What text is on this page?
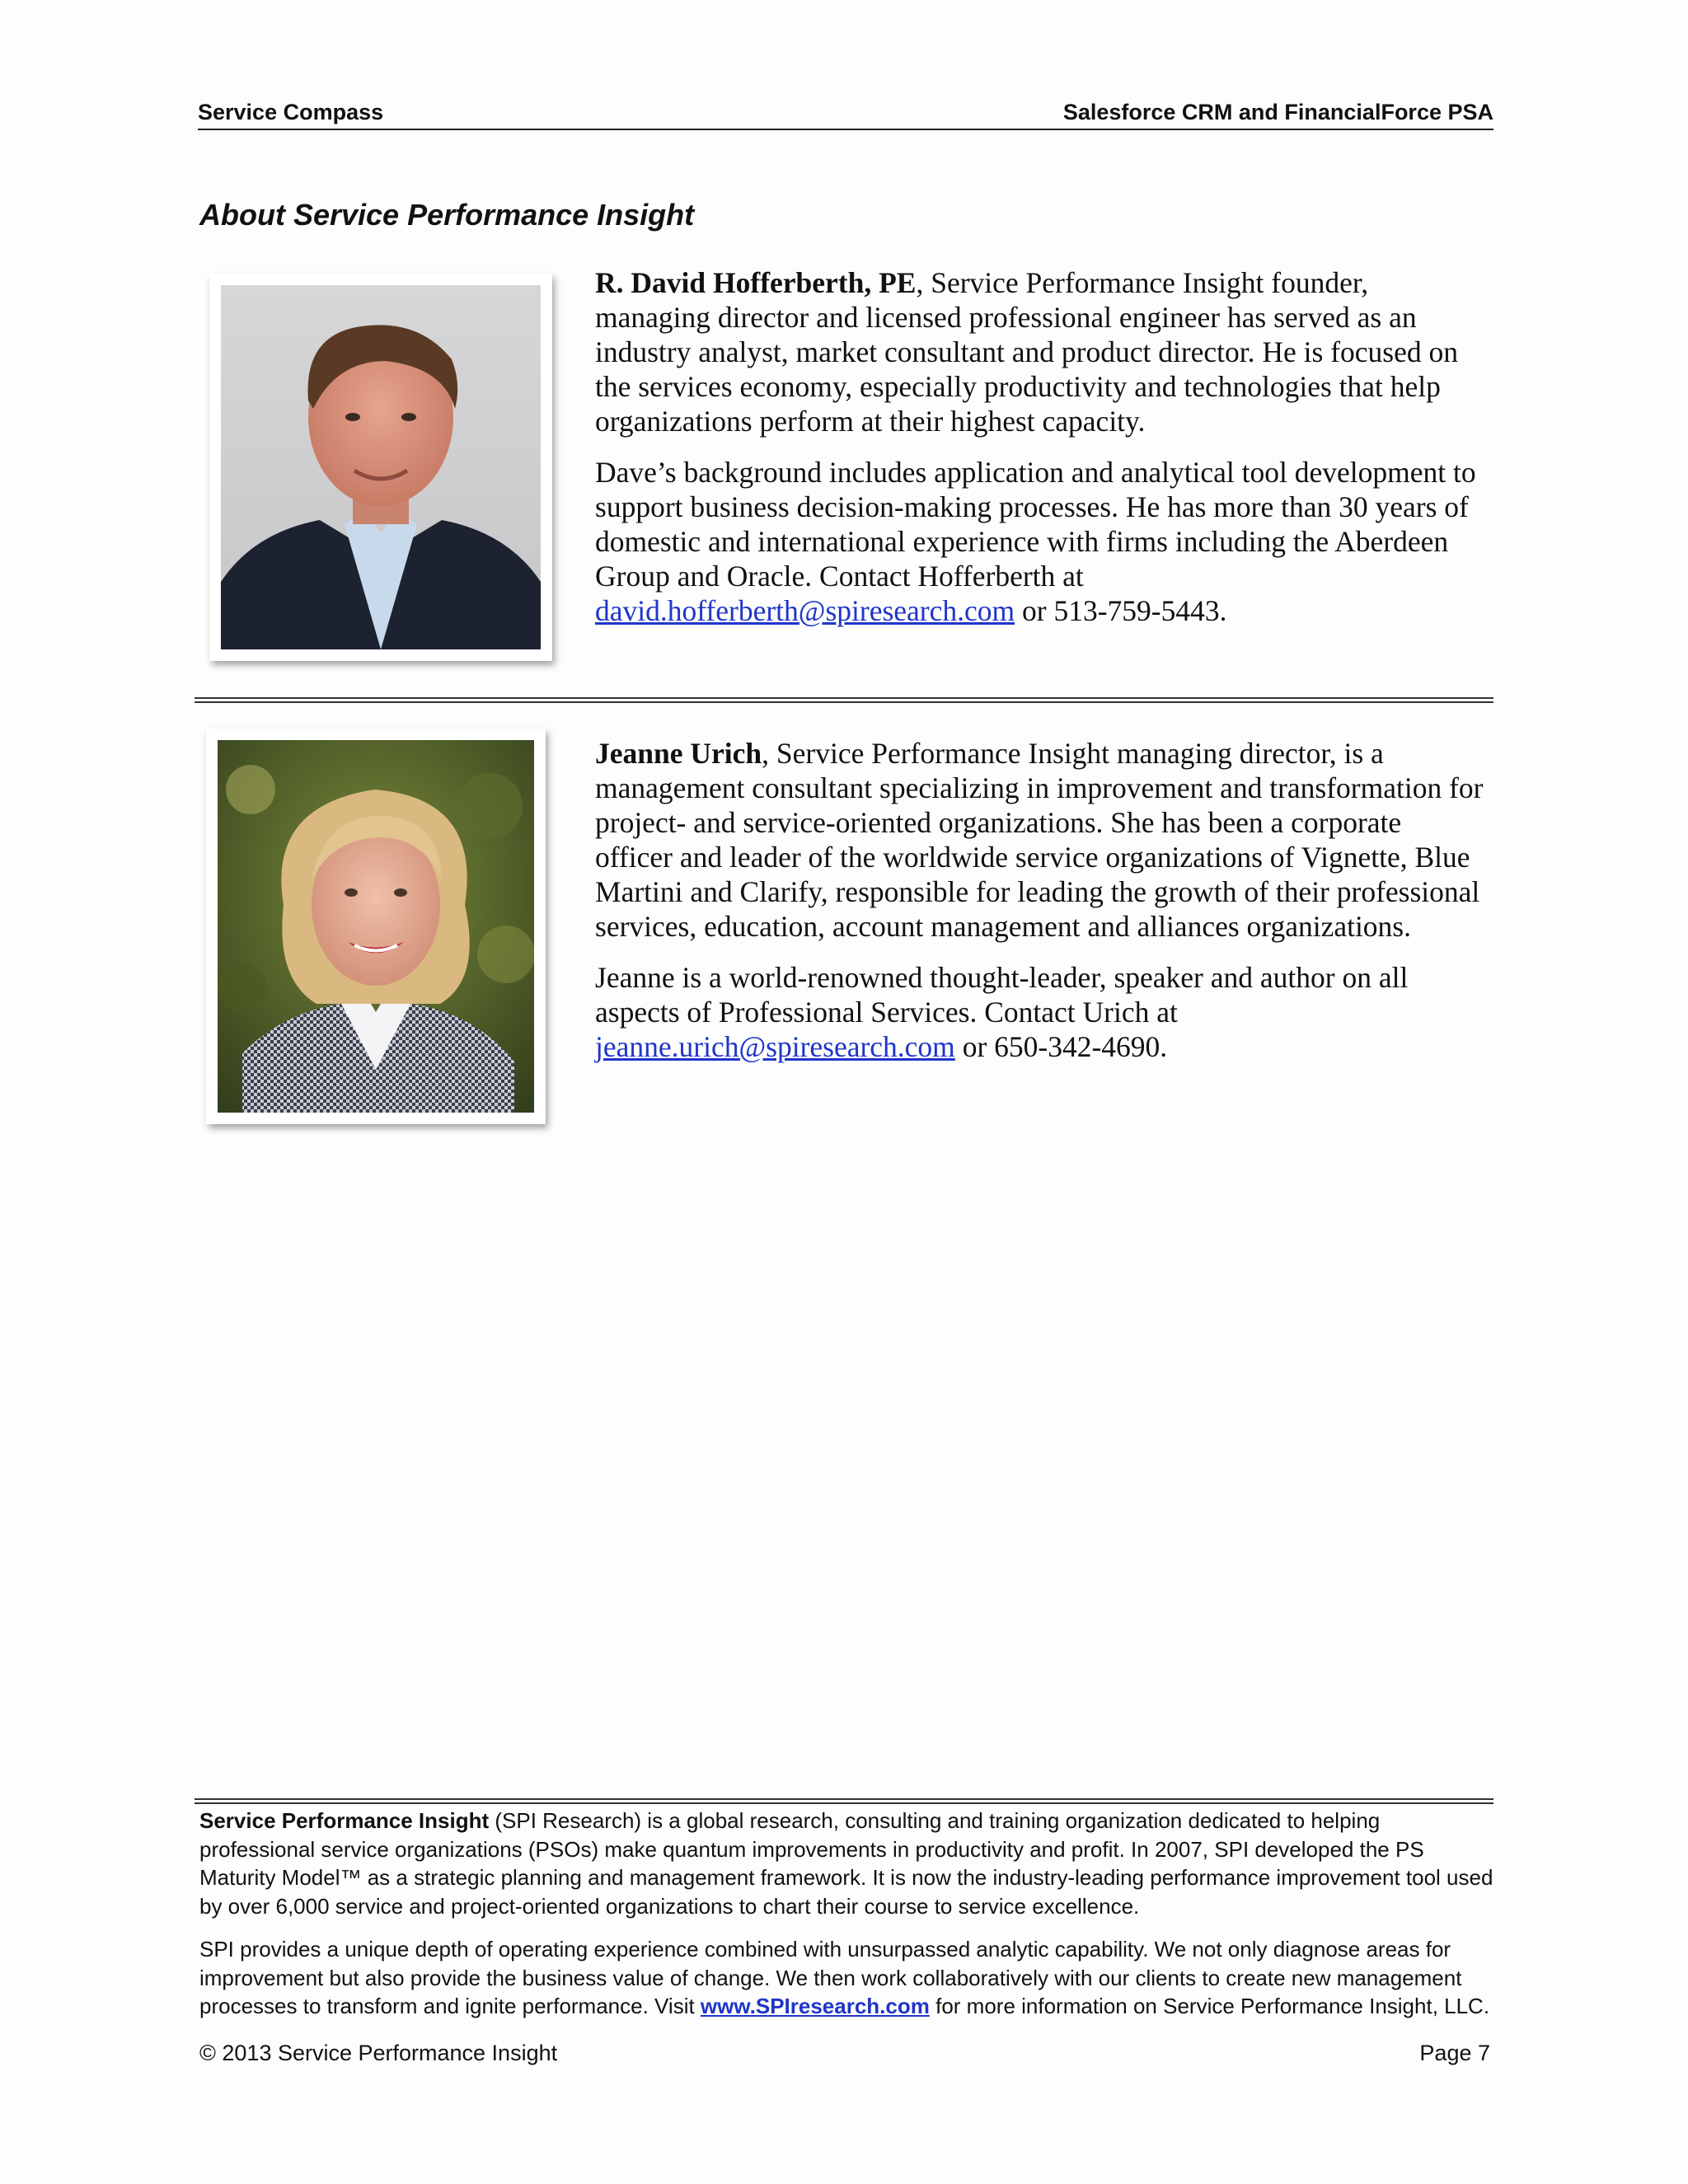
Service Compass	Salesforce CRM and FinancialForce PSA
About Service Performance Insight

R. David Hofferberth, PE, Service Performance Insight founder, managing director and licensed professional engineer has served as an industry analyst, market consultant and product director. He is focused on the services economy, especially productivity and technologies that help organizations perform at their highest capacity.

Dave’s background includes application and analytical tool development to support business decision-making processes. He has more than 30 years of domestic and international experience with firms including the Aberdeen Group and Oracle. Contact Hofferberth at david.hofferberth@spiresearch.com or 513-759-5443.

Jeanne Urich, Service Performance Insight managing director, is a management consultant specializing in improvement and transformation for project- and service-oriented organizations. She has been a corporate officer and leader of the worldwide service organizations of Vignette, Blue Martini and Clarify, responsible for leading the growth of their professional services, education, account management and alliances organizations.

Jeanne is a world-renowned thought-leader, speaker and author on all aspects of Professional Services. Contact Urich at jeanne.urich@spiresearch.com or 650-342-4690.

Service Performance Insight (SPI Research) is a global research, consulting and training organization dedicated to helping professional service organizations (PSOs) make quantum improvements in productivity and profit. In 2007, SPI developed the PS Maturity Model™ as a strategic planning and management framework. It is now the industry-leading performance improvement tool used by over 6,000 service and project-oriented organizations to chart their course to service excellence.

SPI provides a unique depth of operating experience combined with unsurpassed analytic capability. We not only diagnose areas for improvement but also provide the business value of change. We then work collaboratively with our clients to create new management processes to transform and ignite performance. Visit www.SPIresearch.com for more information on Service Performance Insight, LLC.

© 2013 Service Performance Insight	Page 7
